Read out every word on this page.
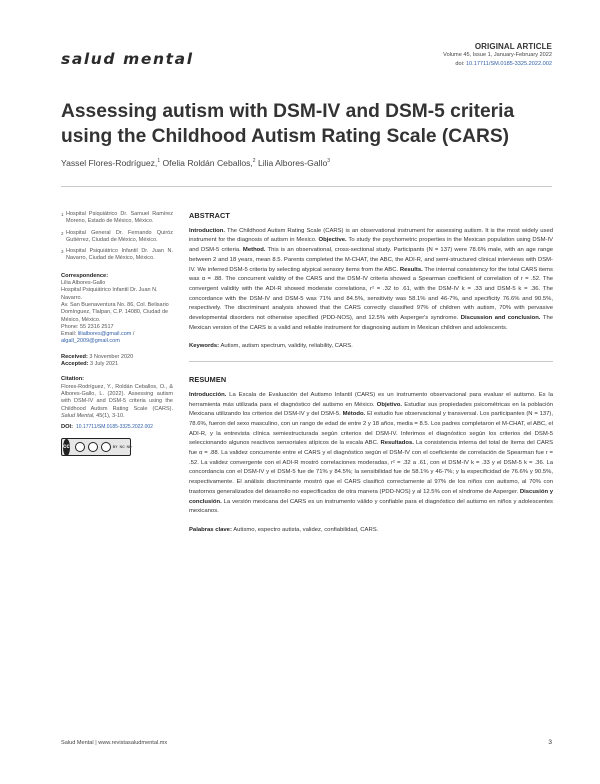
salud mental
ORIGINAL ARTICLE
Volume 45, Issue 1, January-February 2022
doi: 10.17711/SM.0185-3325.2022.002
Assessing autism with DSM-IV and DSM-5 criteria
using the Childhood Autism Rating Scale (CARS)
Yassel Flores-Rodríguez,$^1$ Ofelia Roldán Ceballos,$^2$ Lilia Albores-Gallo$^3$
1 Hospital Psiquiátrico Dr. Samuel Ramírez Moreno, Estado de México, México.
2 Hospital General Dr. Fernando Quiróz Gutiérrez, Ciudad de México, México.
3 Hospital Psiquiátrico Infantil Dr. Juan N. Navarro, Ciudad de México, México.
Correspondence:
Lilia Albores-Gallo
Hospital Psiquiátrico Infantil Dr. Juan N. Navarro.
Av. San Buenaventura No. 86, Col. Belisario Domínguez, Tlalpan, C.P. 14080, Ciudad de México, México.
Phone: 55 2316 2517
Email: lilialbores@gmail.com / algall_2009@gmail.com
Received: 3 November 2020
Accepted: 3 July 2021
Citation:
Flores-Rodríguez, Y., Roldán Ceballos, O., & Albores-Gallo, L. (2022). Assessing autism with DSM-IV and DSM-5 criteria using the Childhood Autism Rating Scale (CARS). Salud Mental, 45(1), 3-10.
DOI: 10.17711/SM.0185-3325.2022.002
cc	BY NC ND
ABSTRACT

Introduction. The Childhood Autism Rating Scale (CARS) is an observational instrument for assessing autism. It is the most widely used instrument for the diagnosis of autism in Mexico. Objective. To study the psychometric properties in the Mexican population using DSM-IV and DSM-5 criteria. Method. This is an observational, cross-sectional study. Participants (N = 137) were 78.6% male, with an age range between 2 and 18 years, mean 8.5. Parents completed the M-CHAT, the ABC, the ADI-R, and semi-structured clinical interviews with DSM-IV. We inferred DSM-5 criteria by selecting atypical sensory items from the ABC. Results. The internal consistency for the total CARS items was α = .88. The concurrent validity of the CARS and the DSM-IV criteria showed a Spearman coefficient of correlation of r = .52. The convergent validity with the ADI-R showed moderate correlations, r² = .32 to .61, with the DSM-IV k = .33 and DSM-5 k = .36. The concordance with the DSM-IV and DSM-5 was 71% and 84.5%, sensitivity was 58.1% and 46-7%, and specificity 76.6% and 90.5%, respectively. The discriminant analysis showed that the CARS correctly classified 97% of children with autism, 70% with pervasive developmental disorders not otherwise specified (PDD-NOS), and 12.5% with Asperger's syndrome. Discussion and conclusion. The Mexican version of the CARS is a valid and reliable instrument for diagnosing autism in Mexican children and adolescents.

Keywords: Autism, autism spectrum, validity, reliability, CARS.

RESUMEN

Introducción. La Escala de Evaluación del Autismo Infantil (CARS) es un instrumento observacional para evaluar el autismo. Es la herramienta más utilizada para el diagnóstico del autismo en México. Objetivo. Estudiar sus propiedades psicométricas en la población Mexicana utilizando los criterios del DSM-IV y del DSM-5. Método. El estudio fue observacional y transversal. Los participantes (N = 137), 78.6%, fueron del sexo masculino, con un rango de edad de entre 2 y 18 años, media = 8.5. Los padres completaron el M-CHAT, el ABC, el ADI-R, y la entrevista clínica semiestructurada según criterios del DSM-IV. Inferimos el diagnóstico según los criterios del DSM-5 seleccionando algunos reactivos sensoriales atípicos de la escala ABC. Resultados. La consistencia interna del total de ítems del CARS fue α = .88. La validez concurrente entre el CARS y el diagnóstico según el DSM-IV con el coeficiente de correlación de Spearman fue r = .52. La validez convergente con el ADI-R mostró correlaciones moderadas, r² = .32 a .61, con el DSM-IV k = .33 y el DSM-5 k = .36. La concordancia con el DSM-IV y el DSM-5 fue de 71% y 84.5%; la sensibilidad fue de 58.1% y 46-7%; y la especificidad de 76.6% y 90.5%, respectivamente. El análisis discriminante mostró que el CARS clasificó correctamente al 97% de los niños con autismo, al 70% con trastornos generalizados del desarrollo no especificados de otra manera (PDD-NOS) y al 12.5% con el síndrome de Asperger. Discusión y conclusión. La versión mexicana del CARS es un instrumento válido y confiable para el diagnóstico del autismo en niños y adolescentes mexicanos.

Palabras clave: Autismo, espectro autista, validez, confiabilidad, CARS.

Salud Mental | www.revistasaludmental.mx	3
